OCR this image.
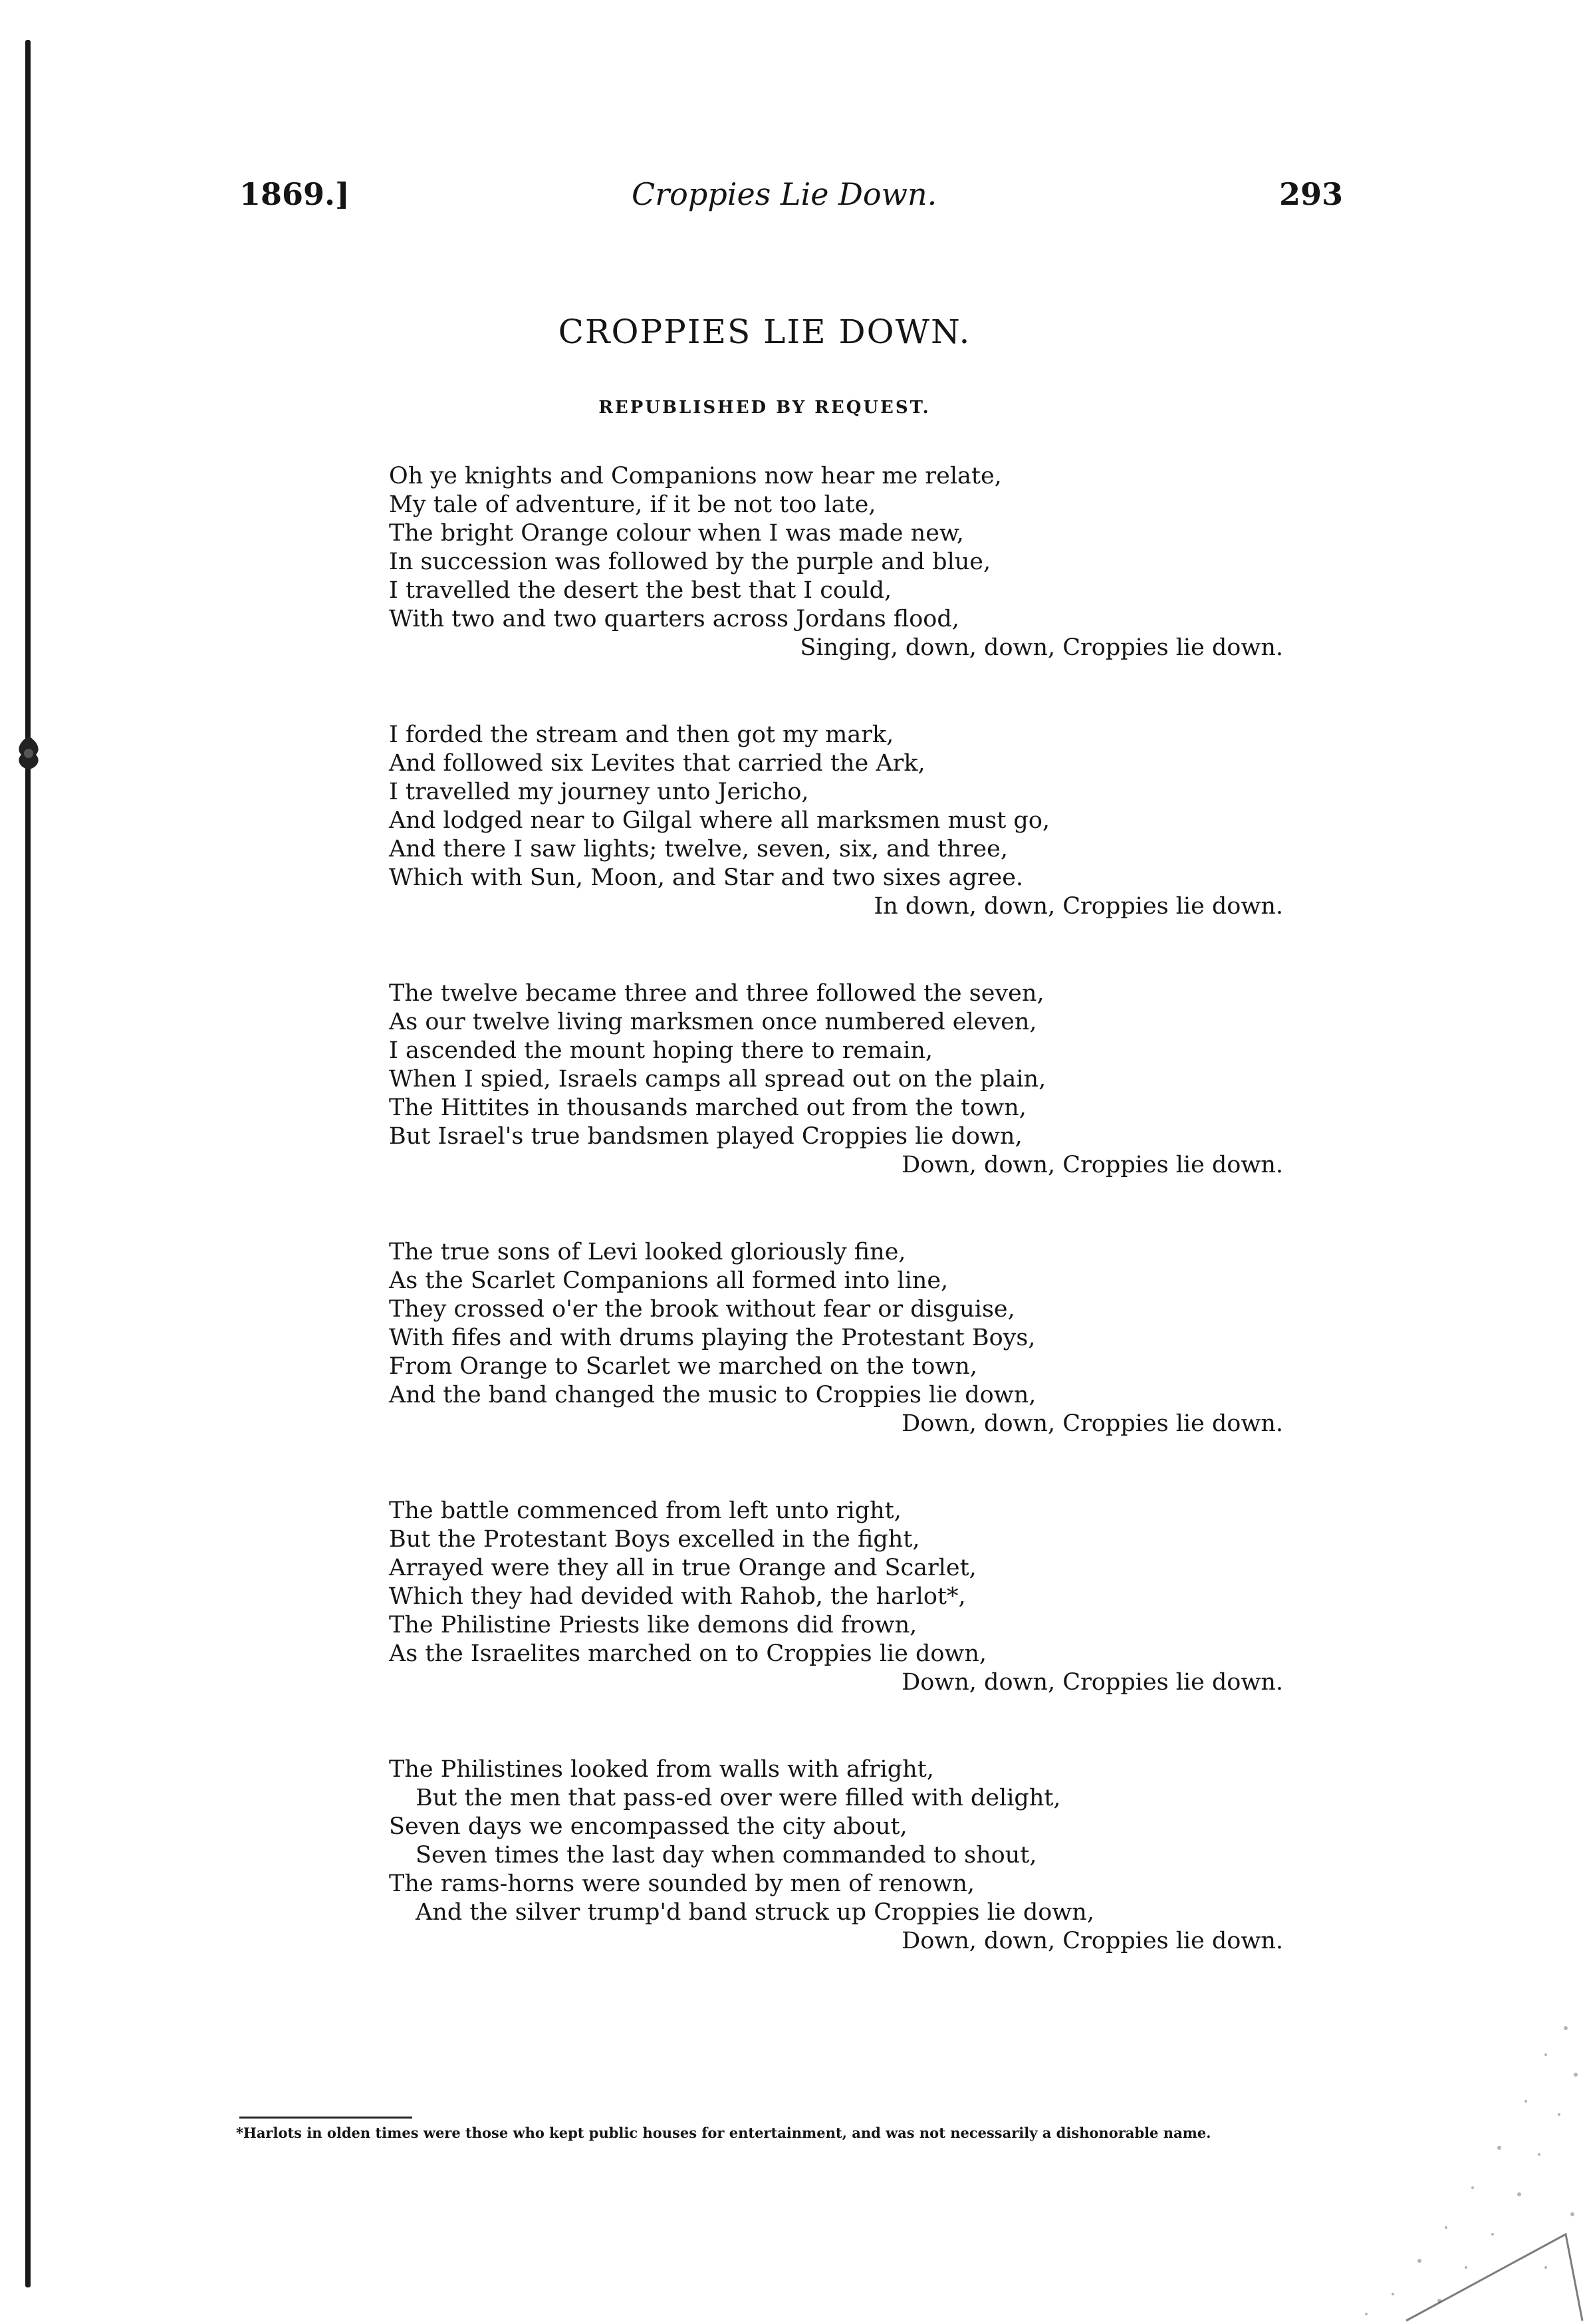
1869.]	Croppies Lie Down.	293
CROPPIES LIE DOWN.
REPUBLISHED BY REQUEST.
Oh ye knights and Companions now hear me relate,
My tale of adventure, if it be not too late,
The bright Orange colour when I was made new,
In succession was followed by the purple and blue,
I travelled the desert the best that I could,
With two and two quarters across Jordans flood,
Singing, down, down, Croppies lie down.
I forded the stream and then got my mark,
And followed six Levites that carried the Ark,
I travelled my journey unto Jericho,
And lodged near to Gilgal where all marksmen must go,
And there I saw lights; twelve, seven, six, and three,
Which with Sun, Moon, and Star and two sixes agree.
In down, down, Croppies lie down.
The twelve became three and three followed the seven,
As our twelve living marksmen once numbered eleven,
I ascended the mount hoping there to remain,
When I spied, Israels camps all spread out on the plain,
The Hittites in thousands marched out from the town,
But Israel's true bandsmen played Croppies lie down,
Down, down, Croppies lie down.
The true sons of Levi looked gloriously fine,
As the Scarlet Companions all formed into line,
They crossed o'er the brook without fear or disguise,
With fifes and with drums playing the Protestant Boys,
From Orange to Scarlet we marched on the town,
And the band changed the music to Croppies lie down,
Down, down, Croppies lie down.
The battle commenced from left unto right,
But the Protestant Boys excelled in the fight,
Arrayed were they all in true Orange and Scarlet,
Which they had devided with Rahob, the harlot*,
The Philistine Priests like demons did frown,
As the Israelites marched on to Croppies lie down,
Down, down, Croppies lie down.
The Philistines looked from walls with afright,
But the men that pass-ed over were filled with delight,
Seven days we encompassed the city about,
Seven times the last day when commanded to shout,
The rams-horns were sounded by men of renown,
And the silver trump'd band struck up Croppies lie down,
Down, down, Croppies lie down.
*Harlots in olden times were those who kept public houses for entertainment, and was not necessarily a dishonorable name.
